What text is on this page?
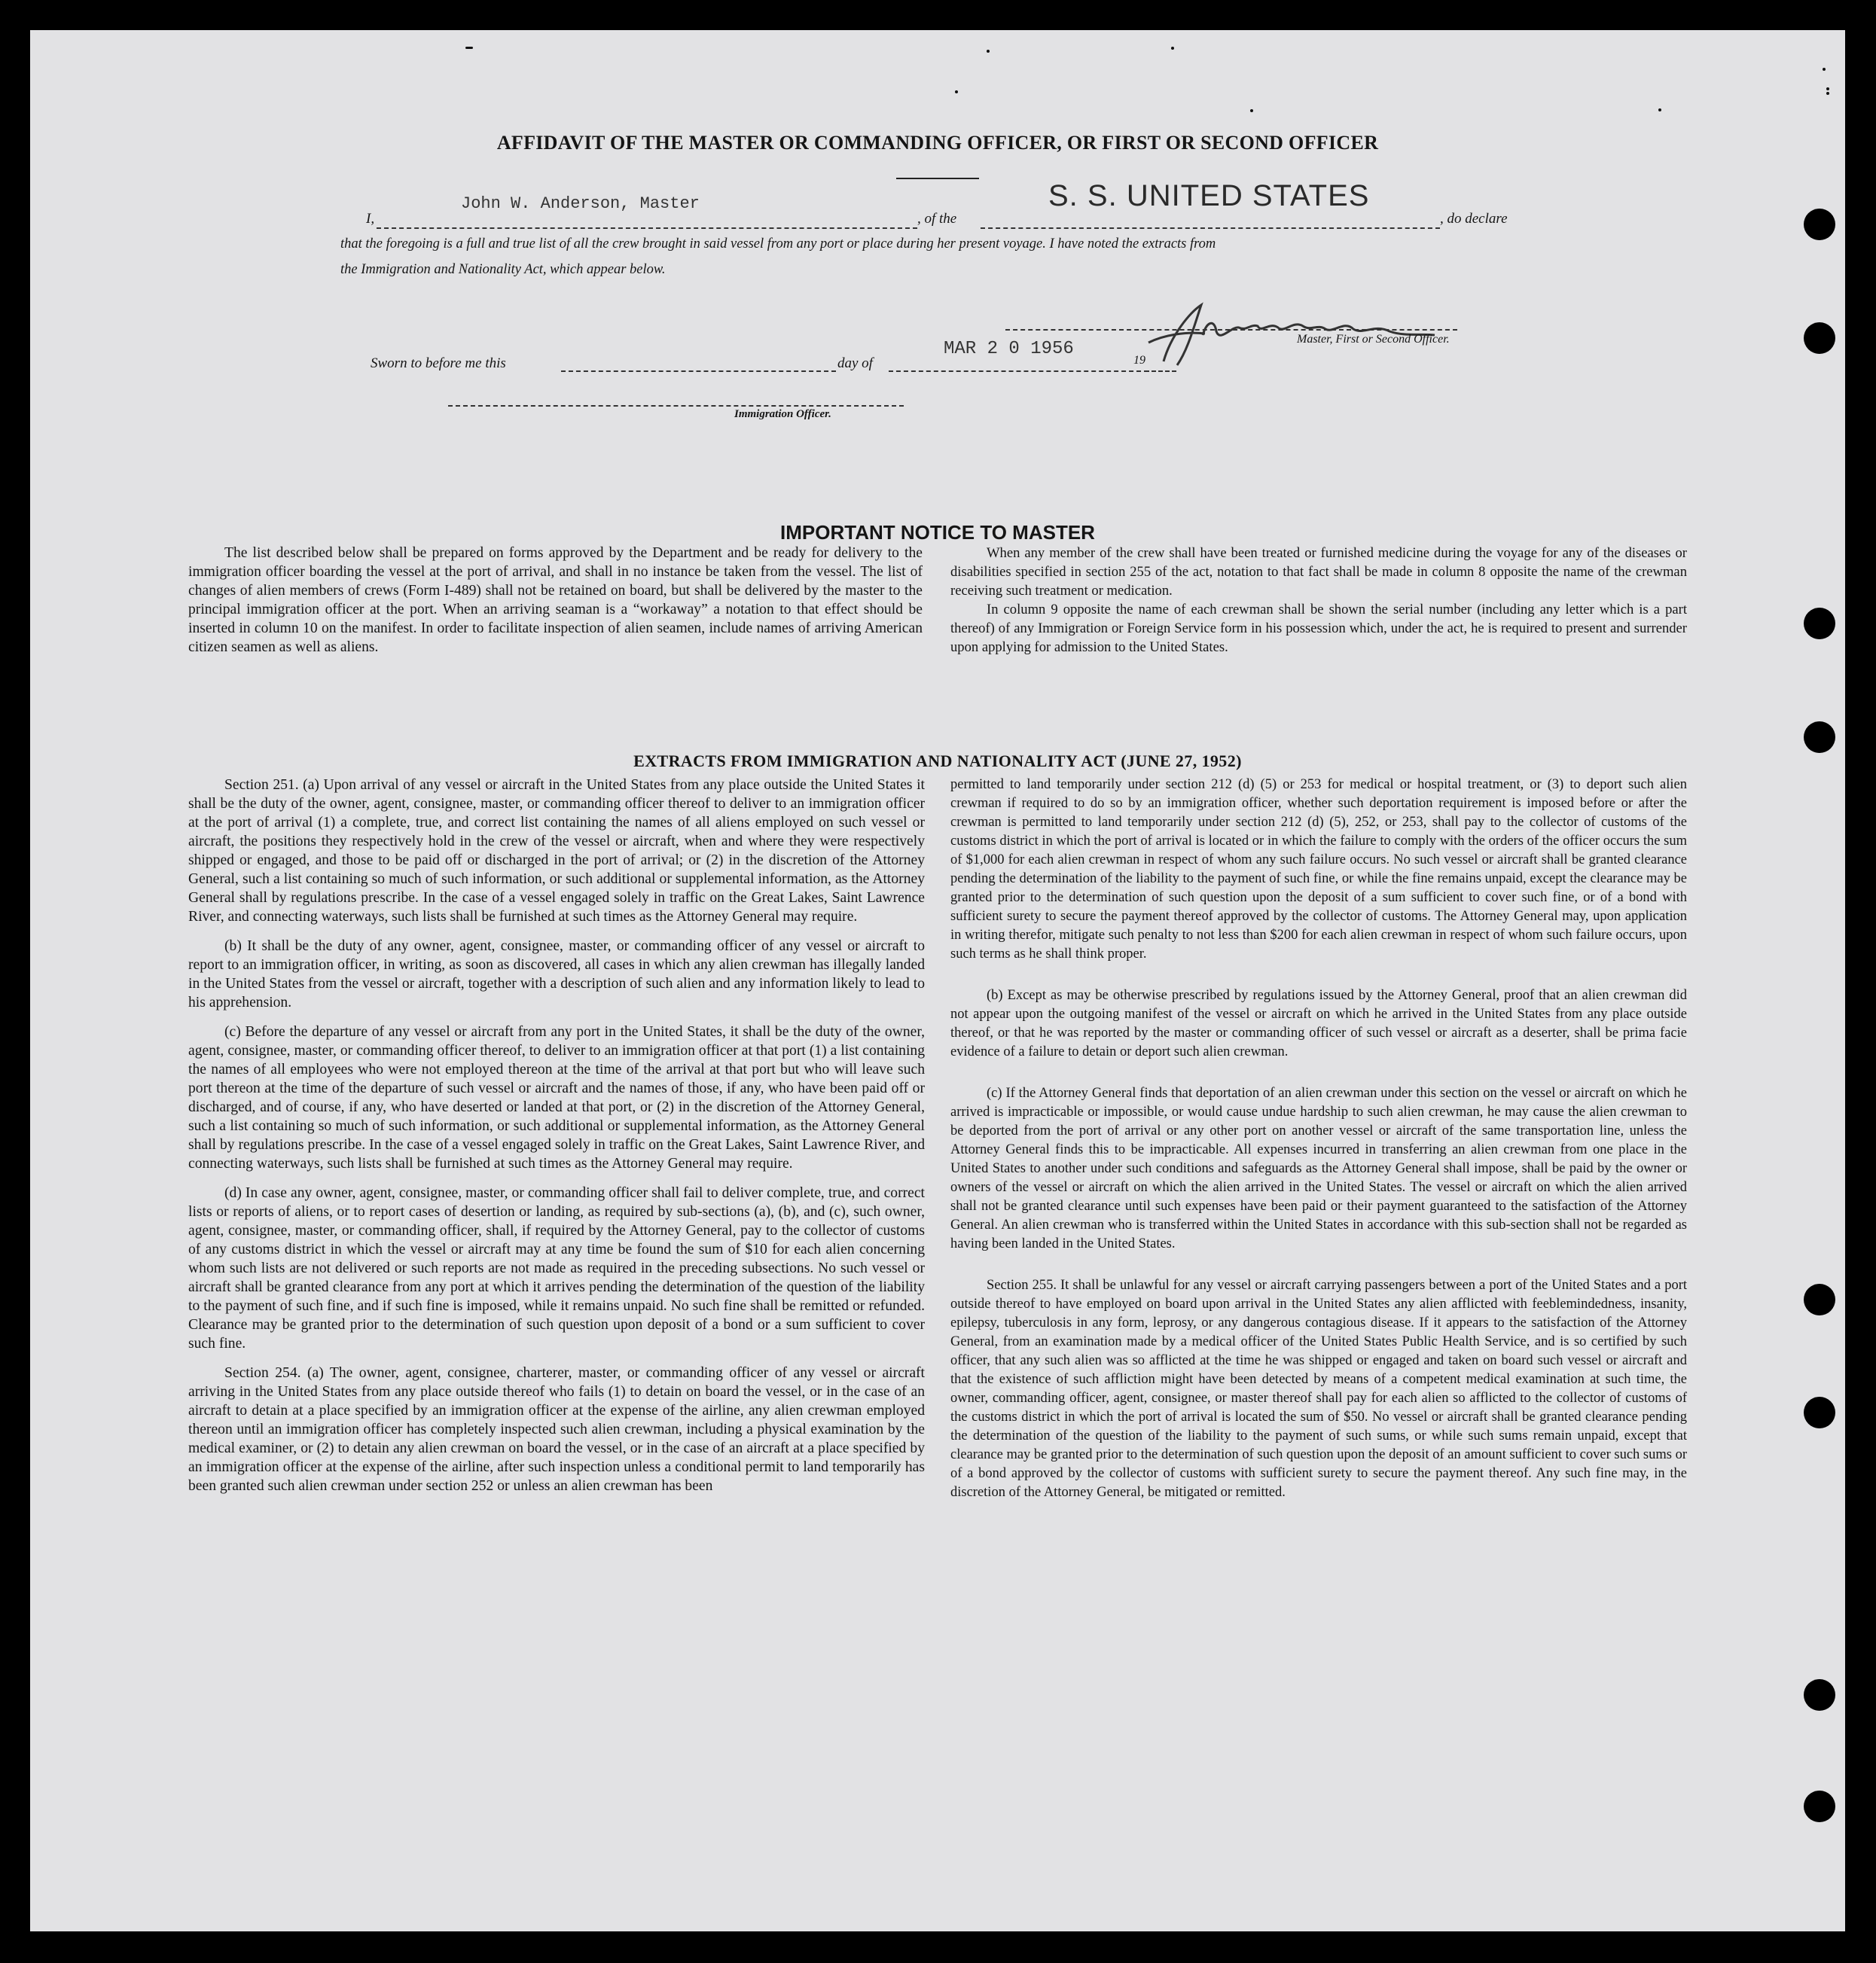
AFFIDAVIT OF THE MASTER OR COMMANDING OFFICER, OR FIRST OR SECOND OFFICER
I,
John W. Anderson, Master
, of the
S. S. UNITED STATES
, do declare
that the foregoing is a full and true list of all the crew brought in said vessel from any port or place during her present voyage. I have noted the extracts from
the Immigration and Nationality Act, which appear below.
Master, First or Second Officer.
Sworn to before me this	day of
MAR 2 0 1956
19
Immigration Officer.
IMPORTANT NOTICE TO MASTER

The list described below shall be prepared on forms approved by the Department and be ready for delivery to the immigration officer boarding the vessel at the port of arrival, and shall in no instance be taken from the vessel. The list of changes of alien members of crews (Form I-489) shall not be retained on board, but shall be delivered by the master to the principal immigration officer at the port. When an arriving seaman is a “workaway” a notation to that effect should be inserted in column 10 on the manifest. In order to facilitate inspection of alien seamen, include names of arriving American citizen seamen as well as aliens.

When any member of the crew shall have been treated or furnished medicine during the voyage for any of the diseases or disabilities specified in section 255 of the act, notation to that fact shall be made in column 8 opposite the name of the crewman receiving such treatment or medication.

In column 9 opposite the name of each crewman shall be shown the serial number (including any letter which is a part thereof) of any Immigration or Foreign Service form in his possession which, under the act, he is required to present and surrender upon applying for admission to the United States.

EXTRACTS FROM IMMIGRATION AND NATIONALITY ACT (JUNE 27, 1952)

Section 251. (a) Upon arrival of any vessel or aircraft in the United States from any place outside the United States it shall be the duty of the owner, agent, consignee, master, or commanding officer thereof to deliver to an immigration officer at the port of arrival (1) a complete, true, and correct list containing the names of all aliens employed on such vessel or aircraft, the positions they respectively hold in the crew of the vessel or aircraft, when and where they were respectively shipped or engaged, and those to be paid off or discharged in the port of arrival; or (2) in the discretion of the Attorney General, such a list containing so much of such information, or such additional or supplemental information, as the Attorney General shall by regulations prescribe. In the case of a vessel engaged solely in traffic on the Great Lakes, Saint Lawrence River, and connecting waterways, such lists shall be furnished at such times as the Attorney General may require.

(b) It shall be the duty of any owner, agent, consignee, master, or commanding officer of any vessel or aircraft to report to an immigration officer, in writing, as soon as discovered, all cases in which any alien crewman has illegally landed in the United States from the vessel or aircraft, together with a description of such alien and any information likely to lead to his apprehension.

(c) Before the departure of any vessel or aircraft from any port in the United States, it shall be the duty of the owner, agent, consignee, master, or commanding officer thereof, to deliver to an immigration officer at that port (1) a list containing the names of all employees who were not employed thereon at the time of the arrival at that port but who will leave such port thereon at the time of the departure of such vessel or aircraft and the names of those, if any, who have been paid off or discharged, and of course, if any, who have deserted or landed at that port, or (2) in the discretion of the Attorney General, such a list containing so much of such information, or such additional or supplemental information, as the Attorney General shall by regulations prescribe. In the case of a vessel engaged solely in traffic on the Great Lakes, Saint Lawrence River, and connecting waterways, such lists shall be furnished at such times as the Attorney General may require.

(d) In case any owner, agent, consignee, master, or commanding officer shall fail to deliver complete, true, and correct lists or reports of aliens, or to report cases of desertion or landing, as required by sub-sections (a), (b), and (c), such owner, agent, consignee, master, or commanding officer, shall, if required by the Attorney General, pay to the collector of customs of any customs district in which the vessel or aircraft may at any time be found the sum of $10 for each alien concerning whom such lists are not delivered or such reports are not made as required in the preceding subsections. No such vessel or aircraft shall be granted clearance from any port at which it arrives pending the determination of the question of the liability to the payment of such fine, and if such fine is imposed, while it remains unpaid. No such fine shall be remitted or refunded. Clearance may be granted prior to the determination of such question upon deposit of a bond or a sum sufficient to cover such fine.

Section 254. (a) The owner, agent, consignee, charterer, master, or commanding officer of any vessel or aircraft arriving in the United States from any place outside thereof who fails (1) to detain on board the vessel, or in the case of an aircraft to detain at a place specified by an immigration officer at the expense of the airline, any alien crewman employed thereon until an immigration officer has completely inspected such alien crewman, including a physical examination by the medical examiner, or (2) to detain any alien crewman on board the vessel, or in the case of an aircraft at a place specified by an immigration officer at the expense of the airline, after such inspection unless a conditional permit to land temporarily has been granted such alien crewman under section 252 or unless an alien crewman has been

permitted to land temporarily under section 212 (d) (5) or 253 for medical or hospital treatment, or (3) to deport such alien crewman if required to do so by an immigration officer, whether such deportation requirement is imposed before or after the crewman is permitted to land temporarily under section 212 (d) (5), 252, or 253, shall pay to the collector of customs of the customs district in which the port of arrival is located or in which the failure to comply with the orders of the officer occurs the sum of $1,000 for each alien crewman in respect of whom any such failure occurs. No such vessel or aircraft shall be granted clearance pending the determination of the liability to the payment of such fine, or while the fine remains unpaid, except the clearance may be granted prior to the determination of such question upon the deposit of a sum sufficient to cover such fine, or of a bond with sufficient surety to secure the payment thereof approved by the collector of customs. The Attorney General may, upon application in writing therefor, mitigate such penalty to not less than $200 for each alien crewman in respect of whom such failure occurs, upon such terms as he shall think proper.

(b) Except as may be otherwise prescribed by regulations issued by the Attorney General, proof that an alien crewman did not appear upon the outgoing manifest of the vessel or aircraft on which he arrived in the United States from any place outside thereof, or that he was reported by the master or commanding officer of such vessel or aircraft as a deserter, shall be prima facie evidence of a failure to detain or deport such alien crewman.

(c) If the Attorney General finds that deportation of an alien crewman under this section on the vessel or aircraft on which he arrived is impracticable or impossible, or would cause undue hardship to such alien crewman, he may cause the alien crewman to be deported from the port of arrival or any other port on another vessel or aircraft of the same transportation line, unless the Attorney General finds this to be impracticable. All expenses incurred in transferring an alien crewman from one place in the United States to another under such conditions and safeguards as the Attorney General shall impose, shall be paid by the owner or owners of the vessel or aircraft on which the alien arrived in the United States. The vessel or aircraft on which the alien arrived shall not be granted clearance until such expenses have been paid or their payment guaranteed to the satisfaction of the Attorney General. An alien crewman who is transferred within the United States in accordance with this sub-section shall not be regarded as having been landed in the United States.

Section 255. It shall be unlawful for any vessel or aircraft carrying passengers between a port of the United States and a port outside thereof to have employed on board upon arrival in the United States any alien afflicted with feeblemindedness, insanity, epilepsy, tuberculosis in any form, leprosy, or any dangerous contagious disease. If it appears to the satisfaction of the Attorney General, from an examination made by a medical officer of the United States Public Health Service, and is so certified by such officer, that any such alien was so afflicted at the time he was shipped or engaged and taken on board such vessel or aircraft and that the existence of such affliction might have been detected by means of a competent medical examination at such time, the owner, commanding officer, agent, consignee, or master thereof shall pay for each alien so afflicted to the collector of customs of the customs district in which the port of arrival is located the sum of $50. No vessel or aircraft shall be granted clearance pending the determination of the question of the liability to the payment of such sums, or while such sums remain unpaid, except that clearance may be granted prior to the determination of such question upon the deposit of an amount sufficient to cover such sums or of a bond approved by the collector of customs with sufficient surety to secure the payment thereof. Any such fine may, in the discretion of the Attorney General, be mitigated or remitted.
